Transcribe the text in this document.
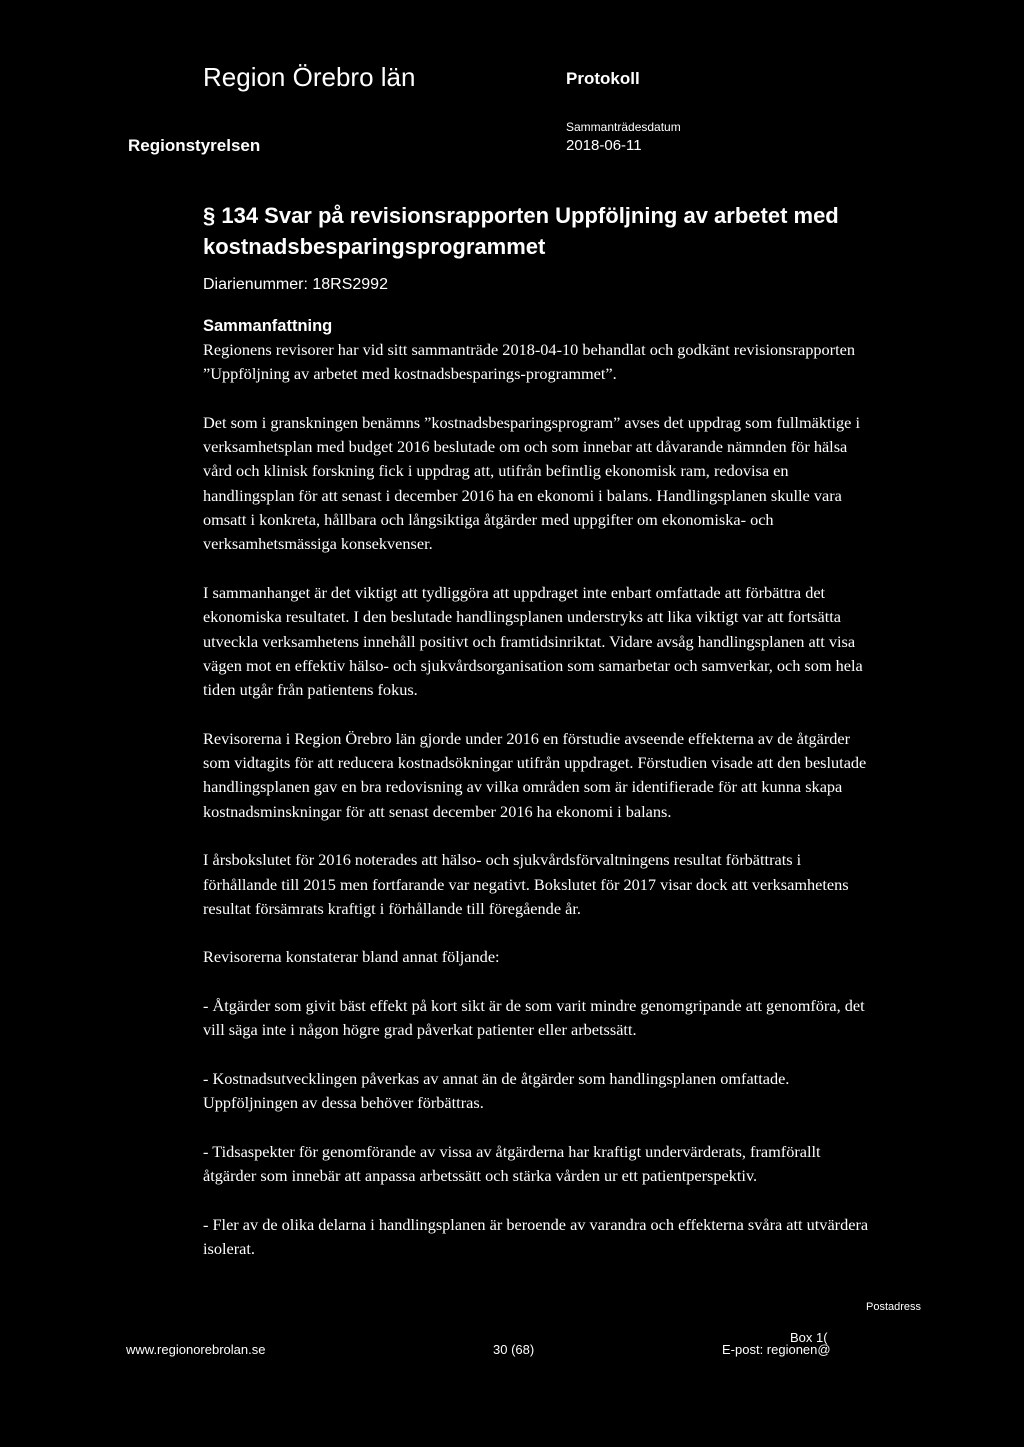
Region Örebro län	Protokoll
Regionstyrelsen
Sammanträdesdatum
2018-06-11
§ 134 Svar på revisionsrapporten Uppföljning av arbetet med kostnadsbesparingsprogrammet
Diarienummer: 18RS2992
Sammanfattning

Regionens revisorer har vid sitt sammanträde 2018-04-10 behandlat och godkänt revisionsrapporten ”Uppföljning av arbetet med kostnadsbesparings-programmet”.

Det som i granskningen benämns ”kostnadsbesparingsprogram” avses det uppdrag som fullmäktige i verksamhetsplan med budget 2016 beslutade om och som innebar att dåvarande nämnden för hälsa vård och klinisk forskning fick i uppdrag att, utifrån befintlig ekonomisk ram, redovisa en handlingsplan för att senast i december 2016 ha en ekonomi i balans. Handlingsplanen skulle vara omsatt i konkreta, hållbara och långsiktiga åtgärder med uppgifter om ekonomiska- och verksamhetsmässiga konsekvenser.

I sammanhanget är det viktigt att tydliggöra att uppdraget inte enbart omfattade att förbättra det ekonomiska resultatet. I den beslutade handlingsplanen understryks att lika viktigt var att fortsätta utveckla verksamhetens innehåll positivt och framtidsinriktat. Vidare avsåg handlingsplanen att visa vägen mot en effektiv hälso- och sjukvårdsorganisation som samarbetar och samverkar, och som hela tiden utgår från patientens fokus.

Revisorerna i Region Örebro län gjorde under 2016 en förstudie avseende effekterna av de åtgärder som vidtagits för att reducera kostnadsökningar utifrån uppdraget. Förstudien visade att den beslutade handlingsplanen gav en bra redovisning av vilka områden som är identifierade för att kunna skapa kostnadsminskningar för att senast december 2016 ha ekonomi i balans.

I årsbokslutet för 2016 noterades att hälso- och sjukvårdsförvaltningens resultat förbättrats i förhållande till 2015 men fortfarande var negativt. Bokslutet för 2017 visar dock att verksamhetens resultat försämrats kraftigt i förhållande till föregående år.

Revisorerna konstaterar bland annat följande:

- Åtgärder som givit bäst effekt på kort sikt är de som varit mindre genomgripande att genomföra, det vill säga inte i någon högre grad påverkat patienter eller arbetssätt.

- Kostnadsutvecklingen påverkas av annat än de åtgärder som handlingsplanen omfattade. Uppföljningen av dessa behöver förbättras.

- Tidsaspekter för genomförande av vissa av åtgärderna har kraftigt undervärderats, framförallt åtgärder som innebär att anpassa arbetssätt och stärka vården ur ett patientperspektiv.

- Fler av de olika delarna i handlingsplanen är beroende av varandra och effekterna svåra att utvärdera isolerat.

Postadress
Box 1(
www.regionorebrolan.se	30 (68)	E-post: regionen@
